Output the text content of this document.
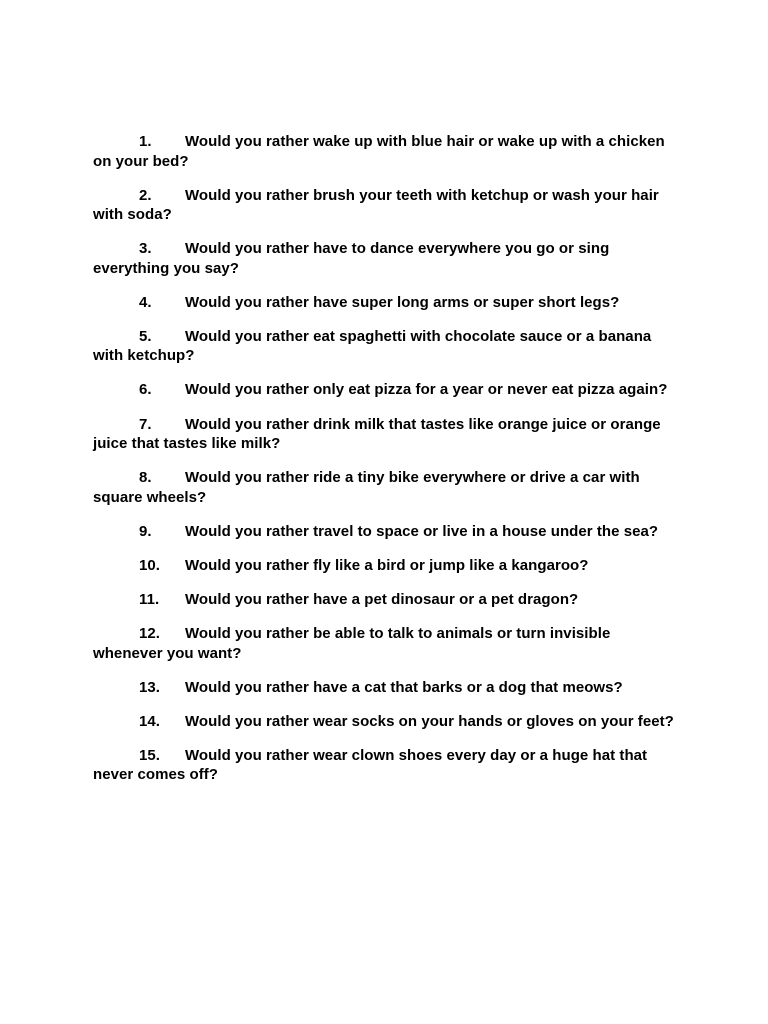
1. Would you rather wake up with blue hair or wake up with a chicken on your bed?
2. Would you rather brush your teeth with ketchup or wash your hair with soda?
3. Would you rather have to dance everywhere you go or sing everything you say?
4. Would you rather have super long arms or super short legs?
5. Would you rather eat spaghetti with chocolate sauce or a banana with ketchup?
6. Would you rather only eat pizza for a year or never eat pizza again?
7. Would you rather drink milk that tastes like orange juice or orange juice that tastes like milk?
8. Would you rather ride a tiny bike everywhere or drive a car with square wheels?
9. Would you rather travel to space or live in a house under the sea?
10. Would you rather fly like a bird or jump like a kangaroo?
11. Would you rather have a pet dinosaur or a pet dragon?
12. Would you rather be able to talk to animals or turn invisible whenever you want?
13. Would you rather have a cat that barks or a dog that meows?
14. Would you rather wear socks on your hands or gloves on your feet?
15. Would you rather wear clown shoes every day or a huge hat that never comes off?
